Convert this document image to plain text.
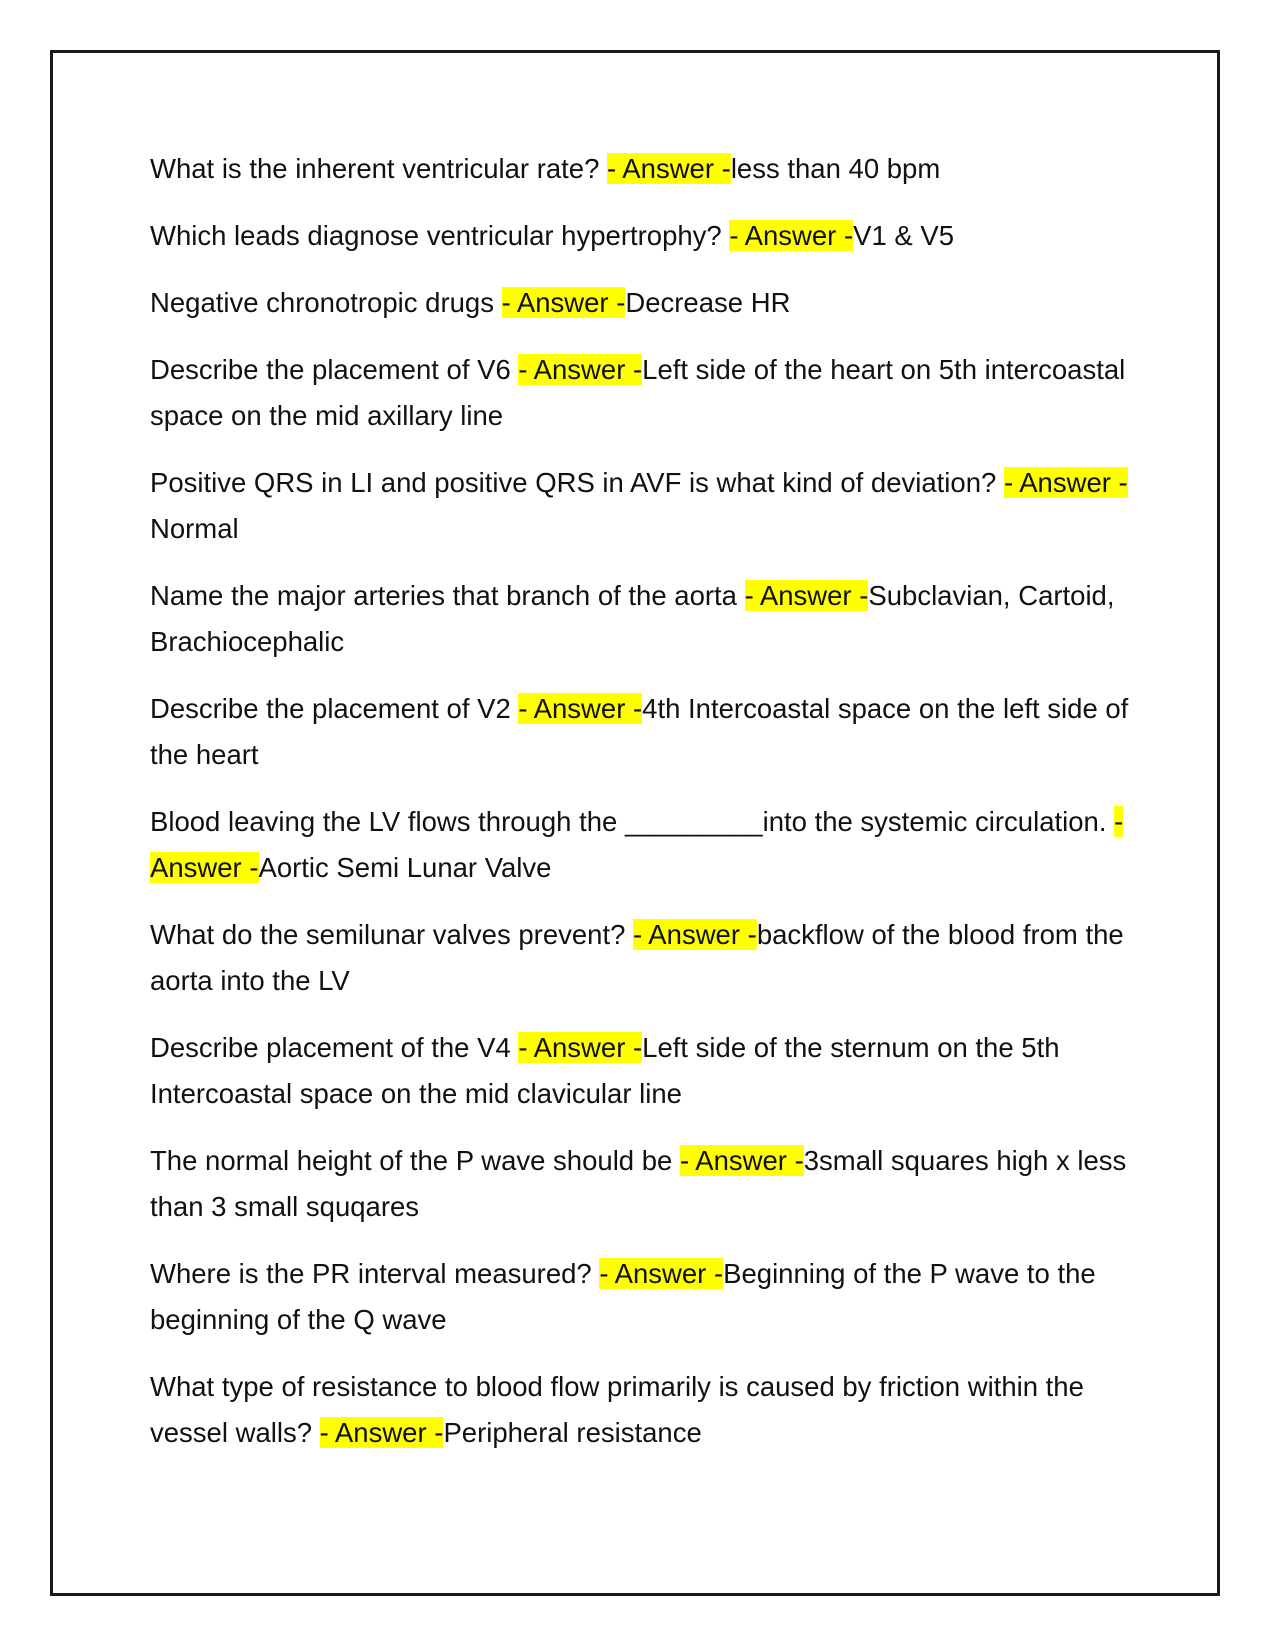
What is the inherent ventricular rate? - Answer -less than 40 bpm

Which leads diagnose ventricular hypertrophy? - Answer -V1 & V5

Negative chronotropic drugs - Answer -Decrease HR

Describe the placement of V6 - Answer -Left side of the heart on 5th intercoastal space on the mid axillary line

Positive QRS in LI and positive QRS in AVF is what kind of deviation? - Answer -Normal

Name the major arteries that branch of the aorta - Answer -Subclavian, Cartoid, Brachiocephalic

Describe the placement of V2 - Answer -4th Intercoastal space on the left side of the heart

Blood leaving the LV flows through the _________into the systemic circulation. - Answer -Aortic Semi Lunar Valve

What do the semilunar valves prevent? - Answer -backflow of the blood from the aorta into the LV

Describe placement of the V4 - Answer -Left side of the sternum on the 5th Intercoastal space on the mid clavicular line

The normal height of the P wave should be - Answer -3small squares high x less than 3 small squqares

Where is the PR interval measured? - Answer -Beginning of the P wave to the beginning of the Q wave

What type of resistance to blood flow primarily is caused by friction within the vessel walls? - Answer -Peripheral resistance
